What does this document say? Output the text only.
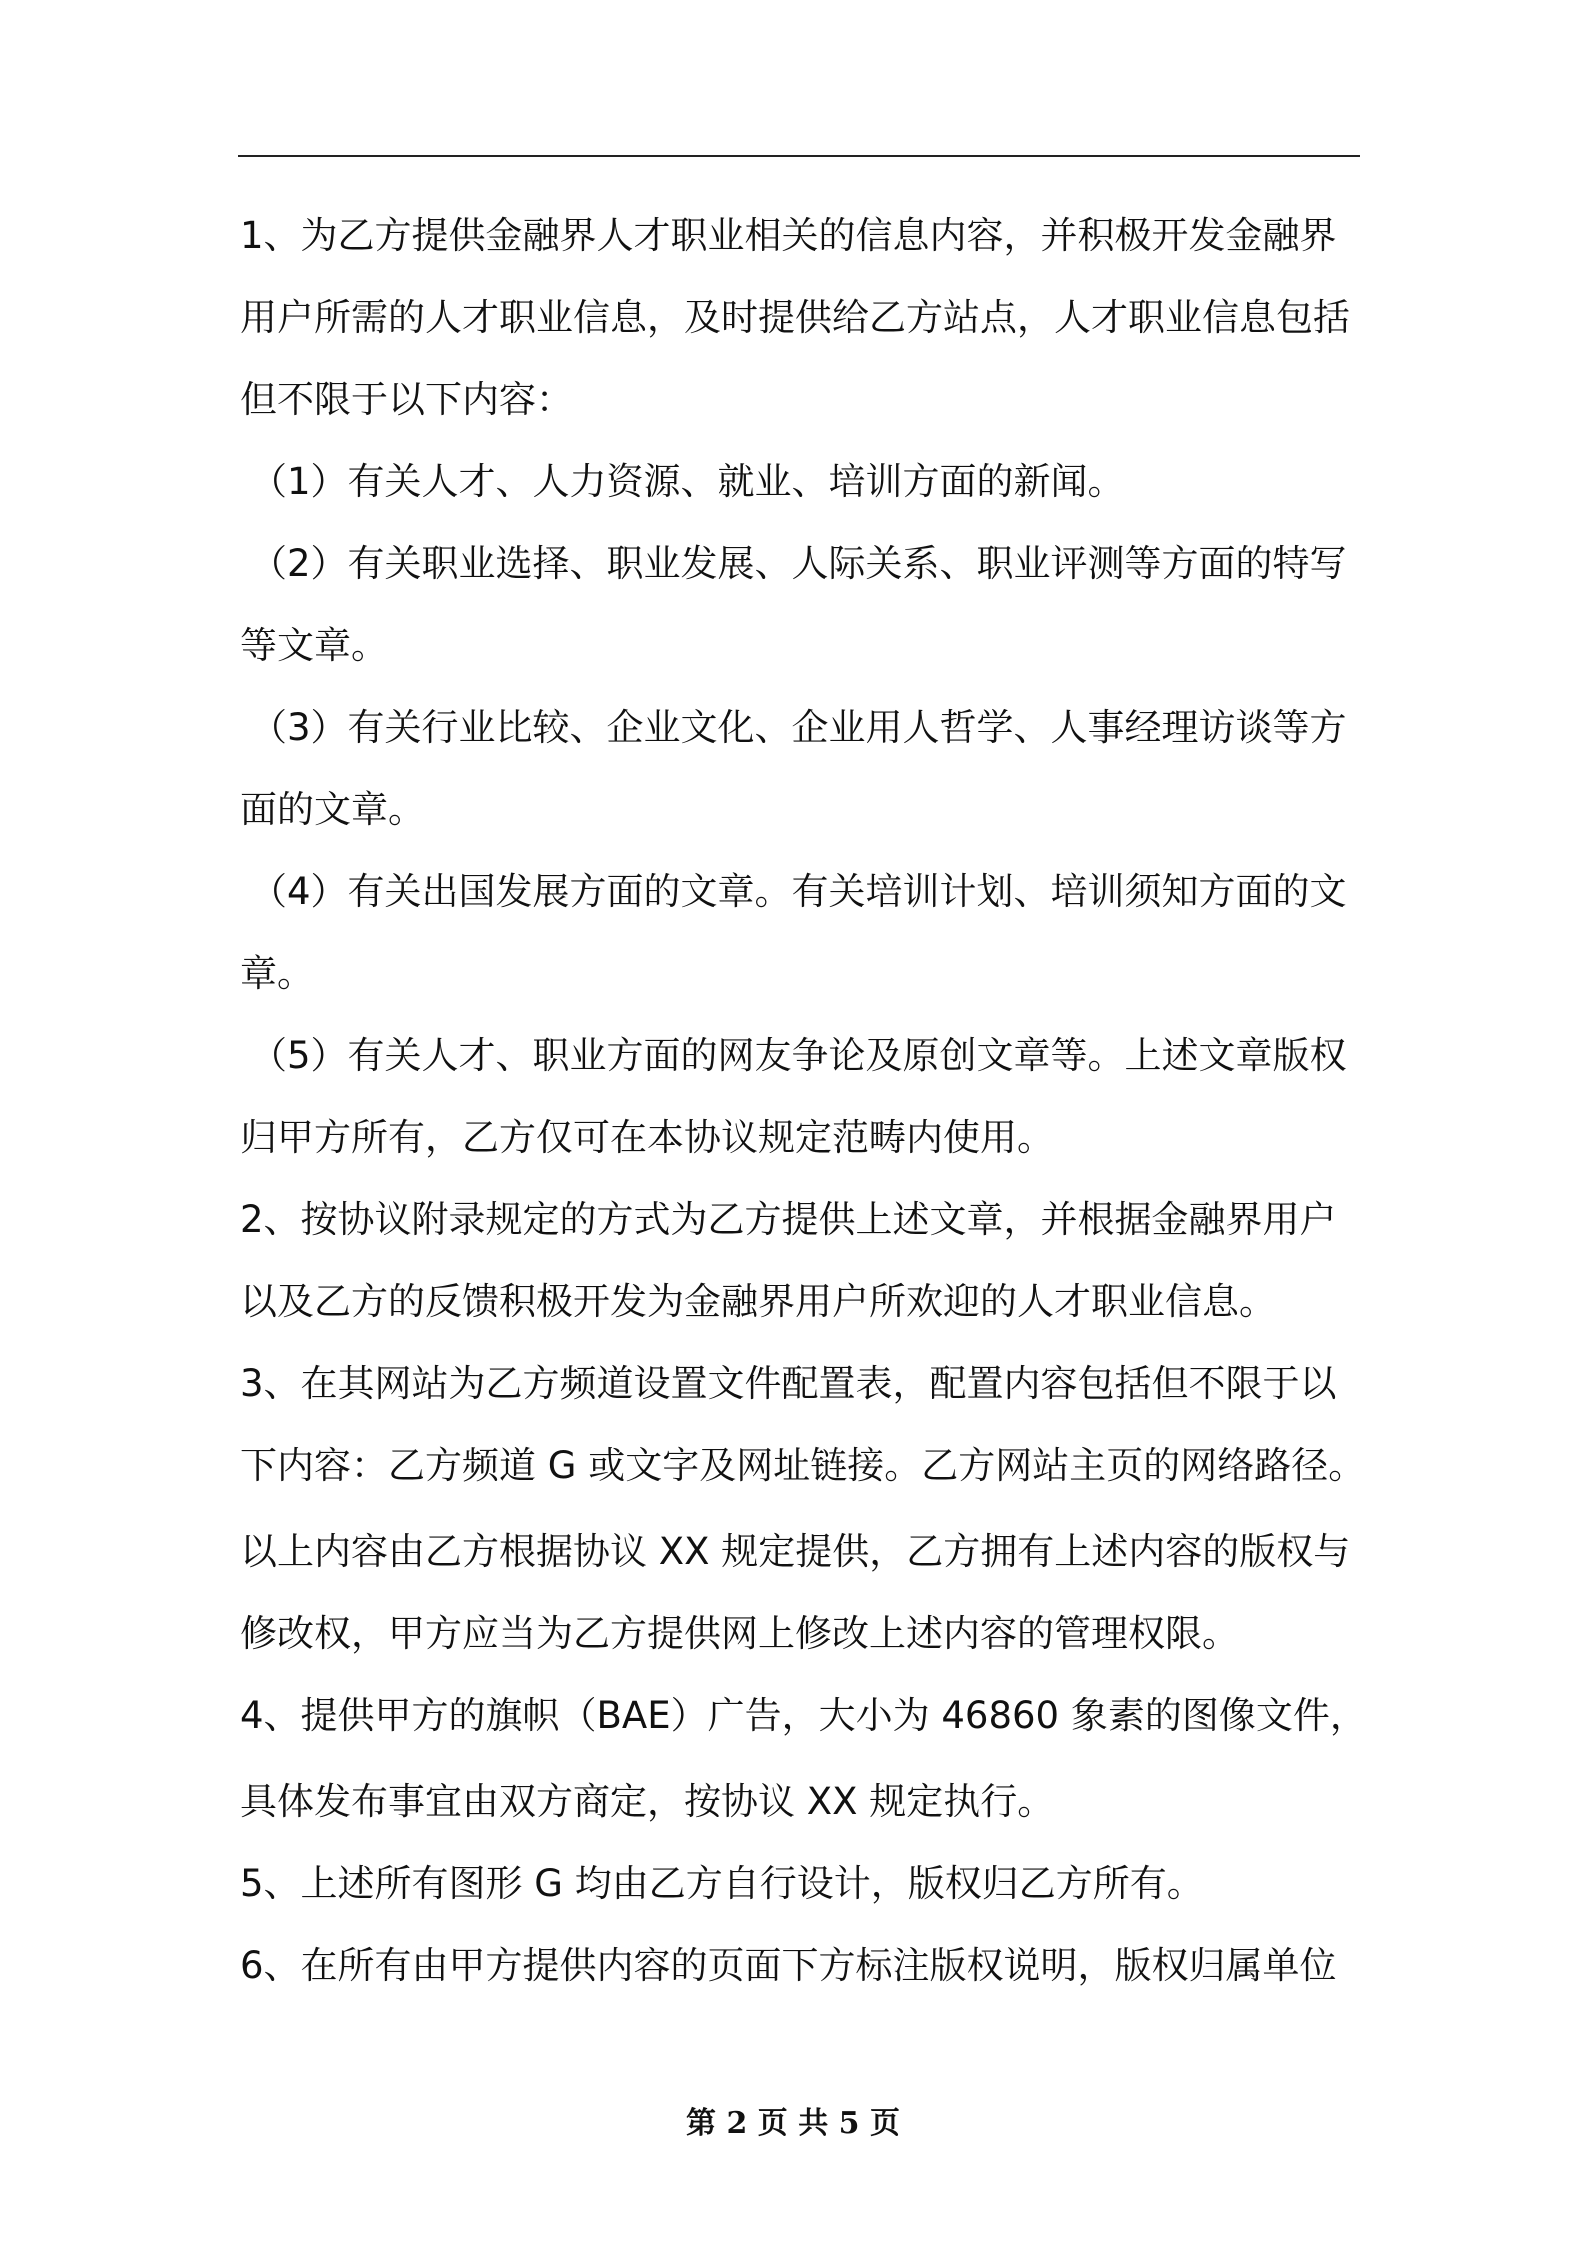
1、为乙方提供金融界人才职业相关的信息内容，并积极开发金融界

用户所需的人才职业信息，及时提供给乙方站点，人才职业信息包括

但不限于以下内容：

（1）有关人才、人力资源、就业、培训方面的新闻。

（2）有关职业选择、职业发展、人际关系、职业评测等方面的特写

等文章。

（3）有关行业比较、企业文化、企业用人哲学、人事经理访谈等方

面的文章。

（4）有关出国发展方面的文章。有关培训计划、培训须知方面的文

章。

（5）有关人才、职业方面的网友争论及原创文章等。上述文章版权

归甲方所有，乙方仅可在本协议规定范畴内使用。

2、按协议附录规定的方式为乙方提供上述文章，并根据金融界用户

以及乙方的反馈积极开发为金融界用户所欢迎的人才职业信息。

3、在其网站为乙方频道设置文件配置表，配置内容包括但不限于以

下内容：乙方频道 G 或文字及网址链接。乙方网站主页的网络路径。

以上内容由乙方根据协议 XX 规定提供，乙方拥有上述内容的版权与

修改权，甲方应当为乙方提供网上修改上述内容的管理权限。

4、提供甲方的旗帜（BAE）广告，大小为 46860 象素的图像文件，

具体发布事宜由双方商定，按协议 XX 规定执行。

5、上述所有图形 G 均由乙方自行设计，版权归乙方所有。

6、在所有由甲方提供内容的页面下方标注版权说明，版权归属单位

第 2 页 共 5 页
